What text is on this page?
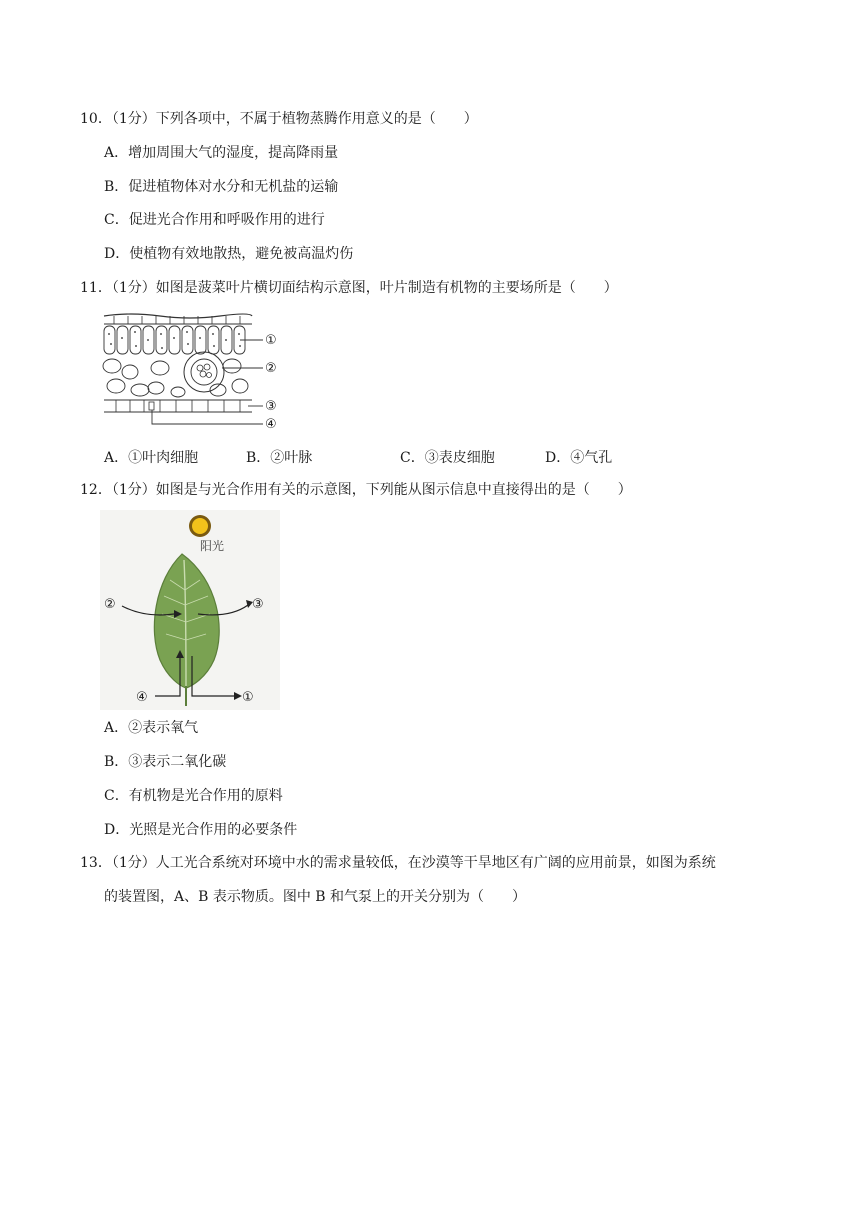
10．（1分）下列各项中，不属于植物蒸腾作用意义的是（　　）
A．增加周围大气的湿度，提高降雨量
B．促进植物体对水分和无机盐的运输
C．促进光合作用和呼吸作用的进行
D．使植物有效地散热，避免被高温灼伤
11．（1分）如图是菠菜叶片横切面结构示意图，叶片制造有机物的主要场所是（　　）
①
②
③
④
A．①叶肉细胞	B．②叶脉	C．③表皮细胞	D．④气孔
12．（1分）如图是与光合作用有关的示意图，下列能从图示信息中直接得出的是（　　）
阳光
②	③
④	①
A．②表示氧气
B．③表示二氧化碳
C．有机物是光合作用的原料
D．光照是光合作用的必要条件
13．（1分）人工光合系统对环境中水的需求量较低，在沙漠等干旱地区有广阔的应用前景，如图为系统
的装置图，A、B 表示物质。图中 B 和气泵上的开关分别为（　　）
